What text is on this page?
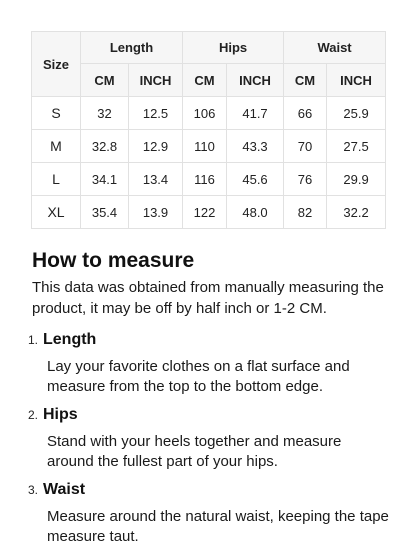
Size	Length		Hips		Waist	
	CM	INCH	CM	INCH	CM	INCH
S	32	12.5	106	41.7	66	25.9
M	32.8	12.9	110	43.3	70	27.5
L	34.1	13.4	116	45.6	76	29.9
XL	35.4	13.9	122	48.0	82	32.2
How to measure

This data was obtained from manually measuring the product, it may be off by half inch or 1-2 CM.

1. Length

Lay your favorite clothes on a flat surface and measure from the top to the bottom edge.

2. Hips

Stand with your heels together and measure around the fullest part of your hips.

3. Waist

Measure around the natural waist, keeping the tape measure taut.
